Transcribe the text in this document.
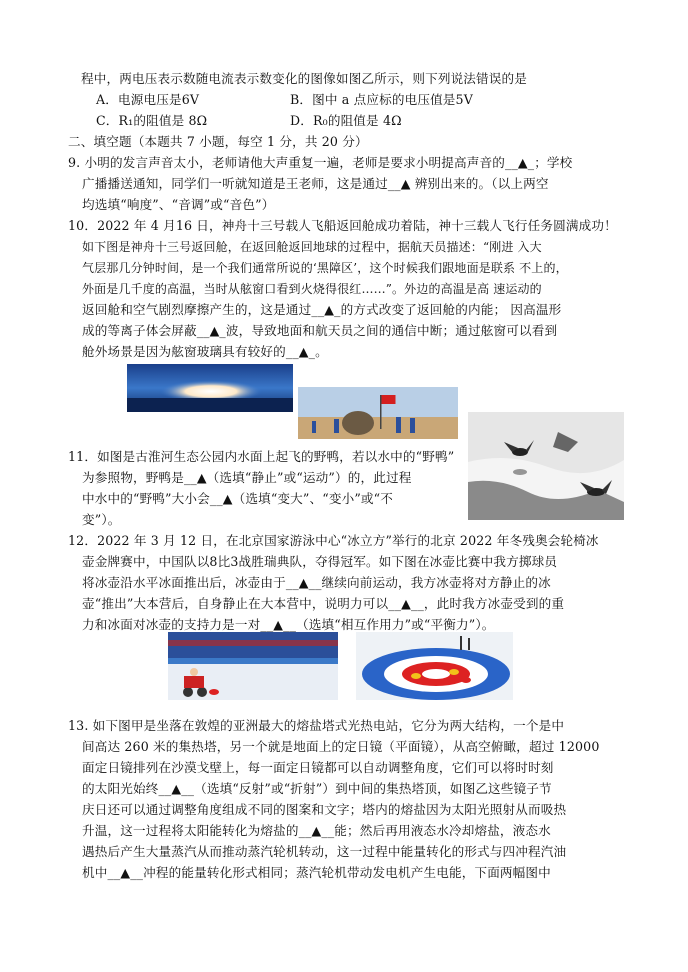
程中，两电压表示数随电流表示数变化的图像如图乙所示，则下列说法错误的是
A．电源电压是6V	B．图中 a 点应标的电压值是5V
C．R₁的阻值是 8Ω	D．R₀的阻值是 4Ω
二、填空题（本题共 7 小题，每空 1 分，共 20 分）
9. 小明的发言声音太小，老师请他大声重复一遍，老师是要求小明提高声音的__▲_；学校
广播播送通知，同学们一听就知道是王老师，这是通过__▲ 辨别出来的。（以上两空
均选填“响度”、“音调”或“音色”）
10．2022 年 4 月16 日，神舟十三号载人飞船返回舱成功着陆，神十三载人飞行任务圆满成功！
如下图是神舟十三号返回舱，在返回舱返回地球的过程中，据航天员描述：“刚进 入大
气层那几分钟时间，是一个我们通常所说的‘黑障区’，这个时候我们跟地面是联系 不上的，
外面是几千度的高温，当时从舷窗口看到火烧得很红……”。外边的高温是高 速运动的
返回舱和空气剧烈摩擦产生的，这是通过__▲_的方式改变了返回舱的内能； 因高温形
成的等离子体会屏蔽__▲_波，导致地面和航天员之间的通信中断；通过舷窗可以看到
舱外场景是因为舷窗玻璃具有较好的__▲_。
11．如图是古淮河生态公园内水面上起飞的野鸭，若以水中的“野鸭”
为参照物，野鸭是__▲（选填“静止”或“运动”）的，此过程
中水中的“野鸭”大小会__▲（选填“变大”、“变小”或“不
变”）。
12．2022 年 3 月 12 日，在北京国家游泳中心“冰立方”举行的北京 2022 年冬残奥会轮椅冰
壶金牌赛中，中国队以8比3战胜瑞典队，夺得冠军。如下图在冰壶比赛中我方掷球员
将冰壶沿水平冰面推出后，冰壶由于__▲__继续向前运动，我方冰壶将对方静止的冰
壶“推出”大本营后，自身静止在大本营中，说明力可以__▲__，此时我方冰壶受到的重
力和冰面对冰壶的支持力是一对__▲__（选填“相互作用力”或“平衡力”）。
13. 如下图甲是坐落在敦煌的亚洲最大的熔盐塔式光热电站，它分为两大结构，一个是中
间高达 260 米的集热塔，另一个就是地面上的定日镜（平面镜），从高空俯瞰，超过 12000
面定日镜排列在沙漠戈壁上，每一面定日镜都可以自动调整角度，它们可以将时时刻
的太阳光始终__▲__（选填“反射”或“折射”）到中间的集热塔顶，如图乙这些镜子节
庆日还可以通过调整角度组成不同的图案和文字；塔内的熔盐因为太阳光照射从而吸热
升温，这一过程将太阳能转化为熔盐的__▲__能；然后再用液态水冷却熔盐，液态水
遇热后产生大量蒸汽从而推动蒸汽轮机转动，这一过程中能量转化的形式与四冲程汽油
机中__▲__冲程的能量转化形式相同；蒸汽轮机带动发电机产生电能，下面两幅图中
